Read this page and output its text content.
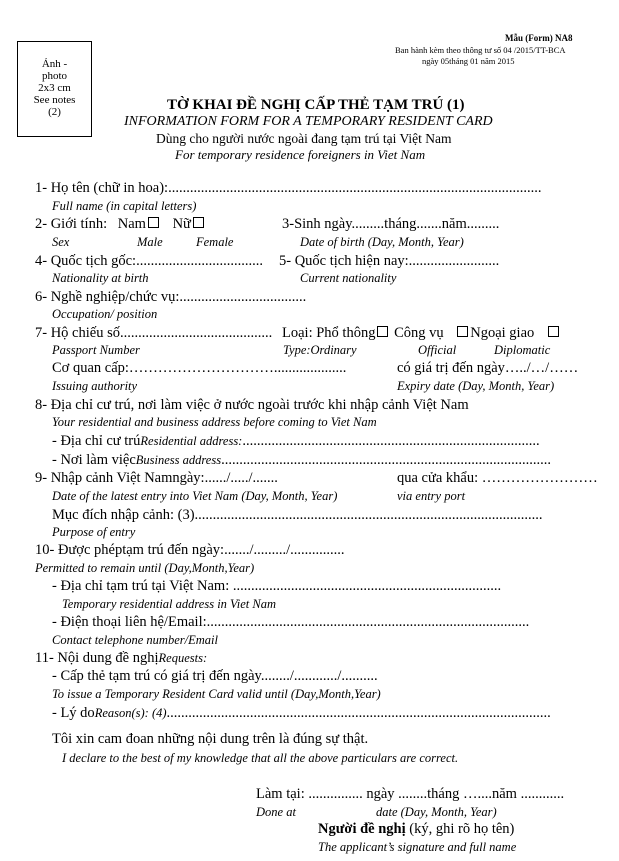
Ảnh -
photo
2x3 cm
See notes
(2)
Mẫu (Form) NA8
Ban hành kèm theo thông tư số 04 /2015/TT-BCA
ngày 05tháng 01 năm 2015
TỜ KHAI ĐỀ NGHỊ CẤP THẺ TẠM TRÚ (1)
INFORMATION FORM FOR A TEMPORARY RESIDENT CARD
Dùng cho người nước ngoài đang tạm trú tại Việt Nam
For temporary residence foreigners in Viet Nam
1- Họ tên (chữ in hoa):.......................................................................................................
Full name (in capital letters)
2- Giới tính: Nam Nữ	3-Sinh ngày.........tháng.......năm.........
Sex	Male	Female	Date of birth (Day, Month, Year)
4- Quốc tịch gốc:................................... 5- Quốc tịch hiện nay:.........................
Nationality at birth	Current nationality
6- Nghề nghiệp/chức vụ:...................................
Occupation/ position
7- Hộ chiếu số.......................................... Loại: Phổ thông Công vụ Ngoại giao
Passport Number	Type:Ordinary	Official	Diplomatic
Cơ quan cấp:…………………………....................	có giá trị đến ngày…../…/……
Issuing authority	Expiry date (Day, Month, Year)
8- Địa chỉ cư trú, nơi làm việc ở nước ngoài trước khi nhập cảnh Việt Nam
Your residential and business address before coming to Viet Nam
- Địa chỉ cư trúResidential address:..................................................................................
- Nơi làm việcBusiness address...........................................................................................
9- Nhập cảnh Việt Namngày:....../...../.......	qua cửa khẩu: ……………………
Date of the latest entry into Viet Nam (Day, Month, Year)	via entry port
Mục đích nhập cảnh: (3)................................................................................................
Purpose of entry
10- Được phéptạm trú đến ngày:......./........./...............
Permitted to remain until (Day,Month,Year)
- Địa chỉ tạm trú tại Việt Nam: ..........................................................................
Temporary residential address in Viet Nam
- Điện thoại liên hệ/Email:.........................................................................................
Contact telephone number/Email
11- Nội dung đề nghịRequests:
- Cấp thẻ tạm trú có giá trị đến ngày......../............/..........
To issue a Temporary Resident Card valid until (Day,Month,Year)
- Lý doReason(s): (4)..........................................................................................................
Tôi xin cam đoan những nội dung trên là đúng sự thật.
I declare to the best of my knowledge that all the above particulars are correct.
Làm tại: ............... ngày ........tháng …....năm ............
Done at	date (Day, Month, Year)
Người đề nghị (ký, ghi rõ họ tên)
The applicant’s signature and full name
